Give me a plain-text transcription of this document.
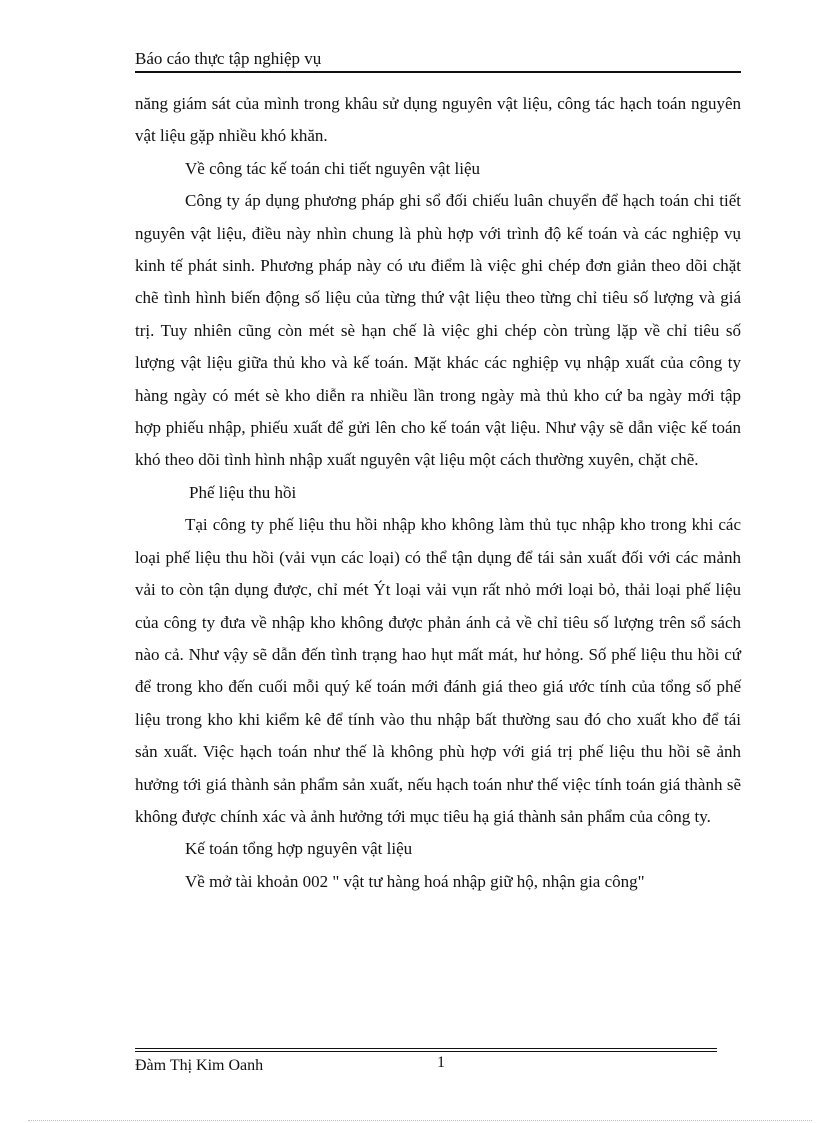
Báo cáo thực tập nghiệp vụ

năng giám sát của mình trong khâu sử dụng nguyên vật liệu, công tác hạch toán nguyên vật liệu gặp nhiều khó khăn.

Về công tác kế toán chi tiết nguyên vật liệu

Công ty áp dụng phương pháp ghi sổ đối chiếu luân chuyển để hạch toán chi tiết nguyên vật liệu, điều này nhìn chung là phù hợp với trình độ kế toán và các nghiệp vụ kinh tế phát sinh. Phương pháp này có ưu điểm là việc ghi chép đơn giản theo dõi chặt chẽ tình hình biến động số liệu của từng thứ vật liệu theo từng chỉ tiêu số lượng và giá trị. Tuy nhiên cũng còn mét sè hạn chế là việc ghi chép còn trùng lặp về chỉ tiêu số lượng vật liệu giữa thủ kho và kế toán. Mặt khác các nghiệp vụ nhập xuất của công ty hàng ngày có mét sè kho diễn ra nhiều lần trong ngày mà thủ kho cứ ba ngày mới tập hợp phiếu nhập, phiếu xuất để gửi lên cho kế toán vật liệu. Như vậy sẽ dẫn việc kế toán khó theo dõi tình hình nhập xuất nguyên vật liệu một cách thường xuyên, chặt chẽ.

Phế liệu thu hồi

Tại công ty phế liệu thu hồi nhập kho không làm thủ tục nhập kho trong khi các loại phế liệu thu hồi (vải vụn các loại) có thể tận dụng để tái sản xuất đối với các mảnh vải to còn tận dụng được, chỉ mét Ýt loại vải vụn rất nhỏ mới loại bỏ, thải loại phế liệu của công ty đưa về nhập kho không được phản ánh cả về chỉ tiêu số lượng trên sổ sách nào cả. Như vậy sẽ dẫn đến tình trạng hao hụt mất mát, hư hỏng. Số phế liệu thu hồi cứ để trong kho đến cuối mỗi quý kế toán mới đánh giá theo giá ước tính của tổng số phế liệu trong kho khi kiểm kê để tính vào thu nhập bất thường sau đó cho xuất kho để tái sản xuất. Việc hạch toán như thế là không phù hợp với giá trị phế liệu thu hồi sẽ ảnh hưởng tới giá thành sản phẩm sản xuất, nếu hạch toán như thế việc tính toán giá thành sẽ không được chính xác và ảnh hưởng tới mục tiêu hạ giá thành sản phẩm của công ty.

Kế toán tổng hợp nguyên vật liệu

Về mở tài khoản 002 " vật tư hàng hoá nhập giữ hộ, nhận gia công"

Đàm Thị Kim Oanh	1
